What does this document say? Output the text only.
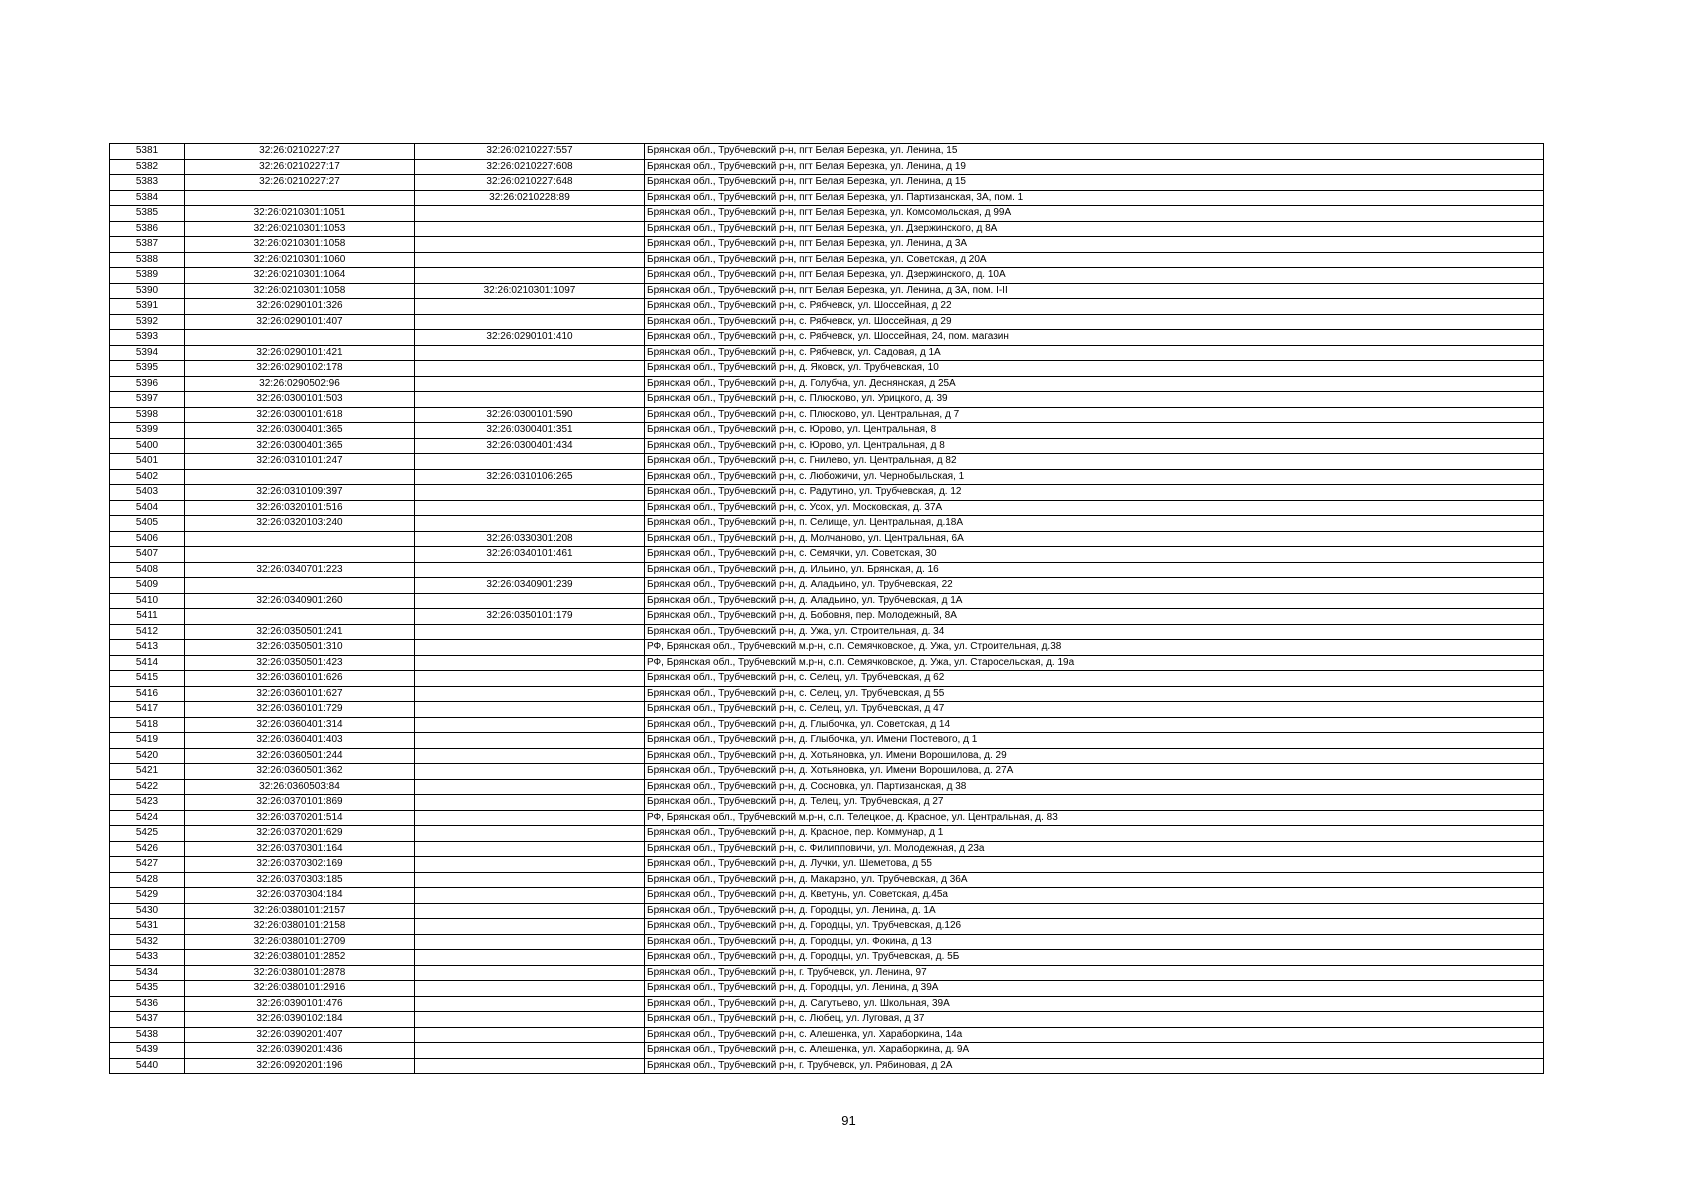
5381	32:26:0210227:27	32:26:0210227:557	Брянская обл., Трубчевский р-н, пгт Белая Березка, ул. Ленина, 15
5382	32:26:0210227:17	32:26:0210227:608	Брянская обл., Трубчевский р-н, пгт Белая Березка, ул. Ленина, д 19
5383	32:26:0210227:27	32:26:0210227:648	Брянская обл., Трубчевский р-н, пгт Белая Березка, ул. Ленина, д 15
5384		32:26:0210228:89	Брянская обл., Трубчевский р-н, пгт Белая Березка, ул. Партизанская, 3А, пом. 1
5385	32:26:0210301:1051		Брянская обл., Трубчевский р-н, пгт Белая Березка, ул. Комсомольская, д 99А
5386	32:26:0210301:1053		Брянская обл., Трубчевский р-н, пгт Белая Березка, ул. Дзержинского, д 8А
5387	32:26:0210301:1058		Брянская обл., Трубчевский р-н, пгт Белая Березка, ул. Ленина, д 3А
5388	32:26:0210301:1060		Брянская обл., Трубчевский р-н, пгт Белая Березка, ул. Советская, д 20А
5389	32:26:0210301:1064		Брянская обл., Трубчевский р-н, пгт Белая Березка, ул. Дзержинского, д. 10А
5390	32:26:0210301:1058	32:26:0210301:1097	Брянская обл., Трубчевский р-н, пгт Белая Березка, ул. Ленина, д 3А, пом. I-II
5391	32:26:0290101:326		Брянская обл., Трубчевский р-н, с. Рябчевск, ул. Шоссейная, д 22
5392	32:26:0290101:407		Брянская обл., Трубчевский р-н, с. Рябчевск, ул. Шоссейная, д 29
5393		32:26:0290101:410	Брянская обл., Трубчевский р-н, с. Рябчевск, ул. Шоссейная, 24, пом. магазин
5394	32:26:0290101:421		Брянская обл., Трубчевский р-н, с. Рябчевск, ул. Садовая, д 1А
5395	32:26:0290102:178		Брянская обл., Трубчевский р-н, д. Яковск, ул. Трубчевская, 10
5396	32:26:0290502:96		Брянская обл., Трубчевский р-н, д. Голубча, ул. Деснянская, д 25А
5397	32:26:0300101:503		Брянская обл., Трубчевский р-н, с. Плюсково, ул. Урицкого, д. 39
5398	32:26:0300101:618	32:26:0300101:590	Брянская обл., Трубчевский р-н, с. Плюсково, ул. Центральная, д 7
5399	32:26:0300401:365	32:26:0300401:351	Брянская обл., Трубчевский р-н, с. Юрово, ул. Центральная, 8
5400	32:26:0300401:365	32:26:0300401:434	Брянская обл., Трубчевский р-н, с. Юрово, ул. Центральная, д 8
5401	32:26:0310101:247		Брянская обл., Трубчевский р-н, с. Гнилево, ул. Центральная, д 82
5402		32:26:0310106:265	Брянская обл., Трубчевский р-н, с. Любожичи, ул. Чернобыльская, 1
5403	32:26:0310109:397		Брянская обл., Трубчевский р-н, с. Радутино, ул. Трубчевская, д. 12
5404	32:26:0320101:516		Брянская обл., Трубчевский р-н, с. Усох, ул. Московская, д. 37А
5405	32:26:0320103:240		Брянская обл., Трубчевский р-н, п. Селище, ул. Центральная, д.18А
5406		32:26:0330301:208	Брянская обл., Трубчевский р-н, д. Молчаново, ул. Центральная, 6А
5407		32:26:0340101:461	Брянская обл., Трубчевский р-н, с. Семячки, ул. Советская, 30
5408	32:26:0340701:223		Брянская обл., Трубчевский р-н, д. Ильино, ул. Брянская, д. 16
5409		32:26:0340901:239	Брянская обл., Трубчевский р-н, д. Аладьино, ул. Трубчевская, 22
5410	32:26:0340901:260		Брянская обл., Трубчевский р-н, д. Аладьино, ул. Трубчевская, д 1А
5411		32:26:0350101:179	Брянская обл., Трубчевский р-н, д. Бобовня, пер. Молодежный, 8А
5412	32:26:0350501:241		Брянская обл., Трубчевский р-н, д. Ужа, ул. Строительная, д. 34
5413	32:26:0350501:310		РФ, Брянская обл., Трубчевский м.р-н, с.п. Семячковское, д. Ужа, ул. Строительная, д.38
5414	32:26:0350501:423		РФ, Брянская обл., Трубчевский м.р-н, с.п. Семячковское, д. Ужа, ул. Старосельская, д. 19а
5415	32:26:0360101:626		Брянская обл., Трубчевский р-н, с. Селец, ул. Трубчевская, д 62
5416	32:26:0360101:627		Брянская обл., Трубчевский р-н, с. Селец, ул. Трубчевская, д 55
5417	32:26:0360101:729		Брянская обл., Трубчевский р-н, с. Селец, ул. Трубчевская, д 47
5418	32:26:0360401:314		Брянская обл., Трубчевский р-н, д. Глыбочка, ул. Советская, д 14
5419	32:26:0360401:403		Брянская обл., Трубчевский р-н, д. Глыбочка, ул. Имени Постевого, д 1
5420	32:26:0360501:244		Брянская обл., Трубчевский р-н, д. Хотьяновка, ул. Имени Ворошилова, д. 29
5421	32:26:0360501:362		Брянская обл., Трубчевский р-н, д. Хотьяновка, ул. Имени Ворошилова, д. 27А
5422	32:26:0360503:84		Брянская обл., Трубчевский р-н, д. Сосновка, ул. Партизанская, д 38
5423	32:26:0370101:869		Брянская обл., Трубчевский р-н, д. Телец, ул. Трубчевская, д 27
5424	32:26:0370201:514		РФ, Брянская обл., Трубчевский м.р-н, с.п. Телецкое, д. Красное, ул. Центральная, д. 83
5425	32:26:0370201:629		Брянская обл., Трубчевский р-н, д. Красное, пер. Коммунар, д 1
5426	32:26:0370301:164		Брянская обл., Трубчевский р-н, с. Филипповичи, ул. Молодежная, д 23а
5427	32:26:0370302:169		Брянская обл., Трубчевский р-н, д. Лучки, ул. Шеметова, д 55
5428	32:26:0370303:185		Брянская обл., Трубчевский р-н, д. Макарзно, ул. Трубчевская, д 36А
5429	32:26:0370304:184		Брянская обл., Трубчевский р-н, д. Кветунь, ул. Советская, д.45а
5430	32:26:0380101:2157		Брянская обл., Трубчевский р-н, д. Городцы, ул. Ленина, д. 1А
5431	32:26:0380101:2158		Брянская обл., Трубчевский р-н, д. Городцы, ул. Трубчевская, д.126
5432	32:26:0380101:2709		Брянская обл., Трубчевский р-н, д. Городцы, ул. Фокина, д 13
5433	32:26:0380101:2852		Брянская обл., Трубчевский р-н, д. Городцы, ул. Трубчевская, д. 5Б
5434	32:26:0380101:2878		Брянская обл., Трубчевский р-н, г. Трубчевск, ул. Ленина, 97
5435	32:26:0380101:2916		Брянская обл., Трубчевский р-н, д. Городцы, ул. Ленина, д 39А
5436	32:26:0390101:476		Брянская обл., Трубчевский р-н, д. Сагутьево, ул. Школьная, 39А
5437	32:26:0390102:184		Брянская обл., Трубчевский р-н, с. Любец, ул. Луговая, д 37
5438	32:26:0390201:407		Брянская обл., Трубчевский р-н, с. Алешенка, ул. Хараборкина, 14а
5439	32:26:0390201:436		Брянская обл., Трубчевский р-н, с. Алешенка, ул. Хараборкина, д. 9А
5440	32:26:0920201:196		Брянская обл., Трубчевский р-н, г. Трубчевск, ул. Рябиновая, д 2А
91
